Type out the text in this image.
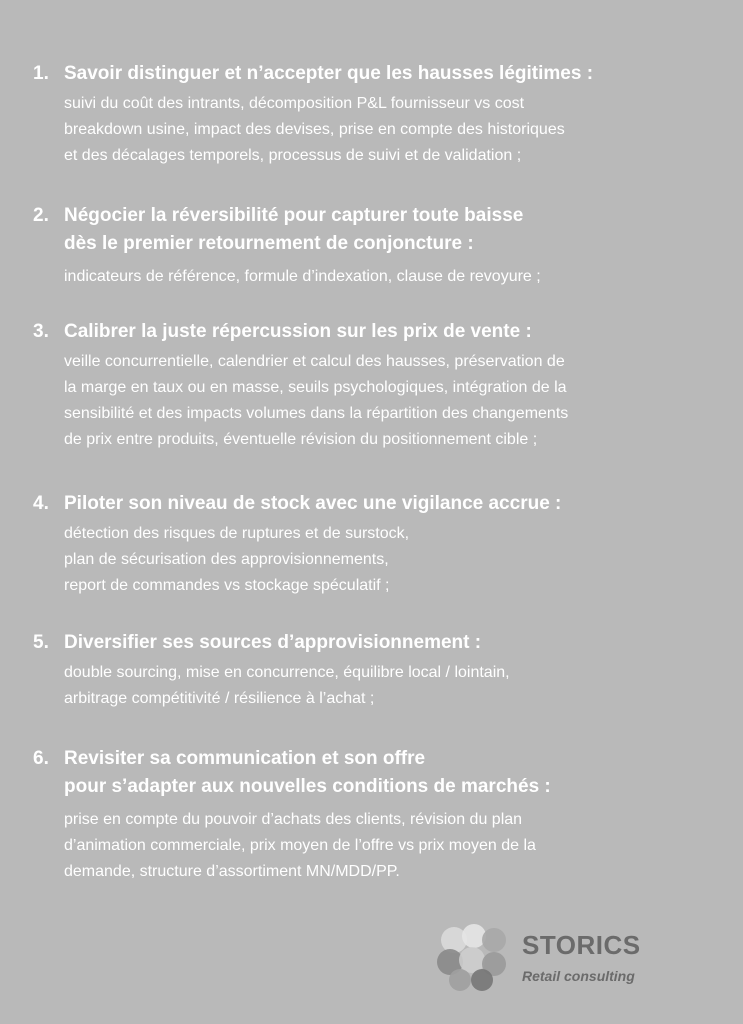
1. Savoir distinguer et n’accepter que les hausses légitimes :
suivi du coût des intrants, décomposition P&L fournisseur vs cost
breakdown usine, impact des devises, prise en compte des historiques
et des décalages temporels, processus de suivi et de validation ;
2. Négocier la réversibilité pour capturer toute baisse
dès le premier retournement de conjoncture :
indicateurs de référence, formule d’indexation, clause de revoyure ;
3. Calibrer la juste répercussion sur les prix de vente :
veille concurrentielle, calendrier et calcul des hausses, préservation de
la marge en taux ou en masse, seuils psychologiques, intégration de la
sensibilité et des impacts volumes dans la répartition des changements
de prix entre produits, éventuelle révision du positionnement cible ;
4. Piloter son niveau de stock avec une vigilance accrue :
détection des risques de ruptures et de surstock,
plan de sécurisation des approvisionnements,
report de commandes vs stockage spéculatif ;
5. Diversifier ses sources d’approvisionnement :
double sourcing, mise en concurrence, équilibre local / lointain,
arbitrage compétitivité / résilience à l’achat ;
6. Revisiter sa communication et son offre
pour s’adapter aux nouvelles conditions de marchés :
prise en compte du pouvoir d’achats des clients, révision du plan
d’animation commerciale, prix moyen de l’offre vs prix moyen de la
demande, structure d’assortiment MN/MDD/PP.
STORICS
Retail consulting
